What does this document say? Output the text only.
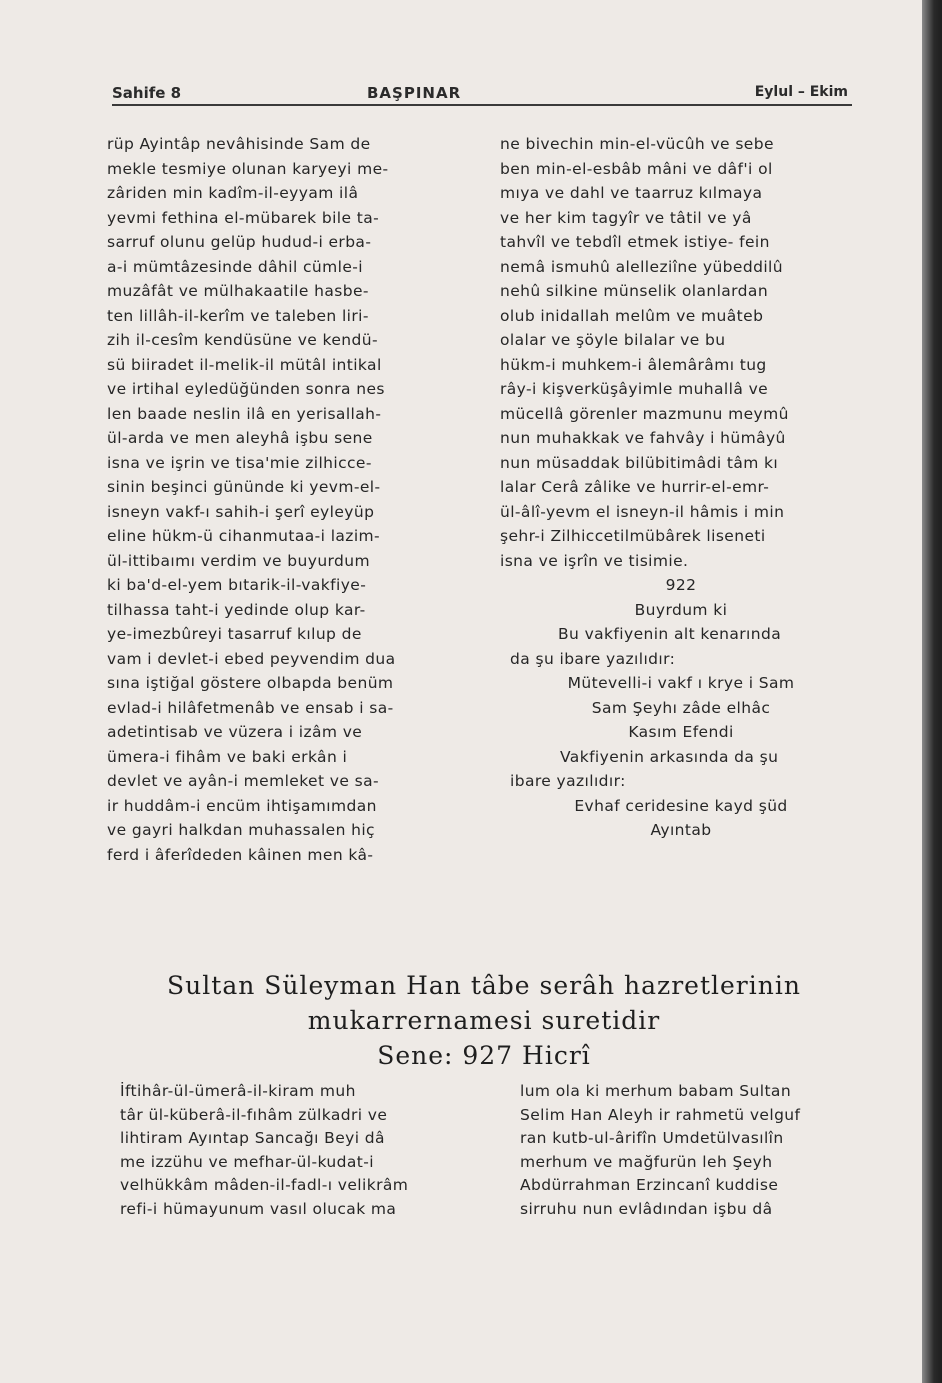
Sahife 8	BAŞPINAR	Eylul – Ekim
rüp Ayintâp nevâhisinde Sam de
mekle tesmiye olunan karyeyi me-
zâriden min kadîm-il-eyyam ilâ
yevmi fethina el-mübarek bile ta-
sarruf olunu gelüp hudud-i erba-
a-i mümtâzesinde dâhil cümle-i
muzâfât ve mülhakaatile hasbe-
ten lillâh-il-kerîm ve taleben liri-
zih il-cesîm kendüsüne ve kendü-
sü biiradet il-melik-il mütâl intikal
ve irtihal eyledüğünden sonra nes
len baade neslin ilâ en yerisallah-
ül-arda ve men aleyhâ işbu sene
isna ve işrin ve tisa'mie zilhicce-
sinin beşinci gününde ki yevm-el-
isneyn vakf-ı sahih-i şerî eyleyüp
eline hükm-ü cihanmutaa-i lazim-
ül-ittibaımı verdim ve buyurdum
ki ba'd-el-yem bıtarik-il-vakfiye-
tilhassa taht-i yedinde olup kar-
ye-imezbûreyi tasarruf kılup de
vam i devlet-i ebed peyvendim dua
sına iştiğal göstere olbapda benüm
evlad-i hilâfetmenâb ve ensab i sa-
adetintisab ve vüzera i izâm ve
ümera-i fihâm ve baki erkân i
devlet ve ayân-i memleket ve sa-
ir huddâm-i encüm ihtişamımdan
ve gayri halkdan muhassalen hiç
ferd i âferîdeden kâinen men kâ-
ne bivechin min-el-vücûh ve sebe
ben min-el-esbâb mâni ve dâf'i ol
mıya ve dahl ve taarruz kılmaya
ve her kim tagyîr ve tâtil ve yâ
tahvîl ve tebdîl etmek istiye- fein
nemâ ismuhû alelleziîne yübeddilû
nehû silkine münselik olanlardan
olub inidallah melûm ve muâteb
olalar ve şöyle bilalar ve bu
hükm-i muhkem-i âlemârâmı tug
rây-i kişverküşâyimle muhallâ ve
mücellâ görenler mazmunu meymû
nun muhakkak ve fahvây i hümâyû
nun müsaddak bilübitimâdi tâm kı
lalar Cerâ zâlike ve hurrir-el-emr-
ül-âlî-yevm el isneyn-il hâmis i min
şehr-i Zilhiccetilmübârek liseneti
isna ve işrîn ve tisimie.
922
Buyrdum ki
Bu vakfiyenin alt kenarında
da şu ibare yazılıdır:
Mütevelli-i vakf ı krye i Sam
Sam Şeyhı zâde elhâc
Kasım Efendi
Vakfiyenin arkasında da şu
ibare yazılıdır:
Evhaf ceridesine kayd şüd
Ayıntab
Sultan Süleyman Han tâbe serâh hazretlerinin
mukarrernamesi suretidir
Sene: 927 Hicrî
İftihâr-ül-ümerâ-il-kiram muh
târ ül-küberâ-il-fıhâm zülkadri ve
lihtiram Ayıntap Sancağı Beyi dâ
me izzühu ve mefhar-ül-kudat-i
velhükkâm mâden-il-fadl-ı velikrâm
refi-i hümayunum vasıl olucak ma
lum ola ki merhum babam Sultan
Selim Han Aleyh ir rahmetü velguf
ran kutb-ul-ârifîn Umdetülvasılîn
merhum ve mağfurün leh Şeyh
Abdürrahman Erzincanî kuddise
sirruhu nun evlâdından işbu dâ
